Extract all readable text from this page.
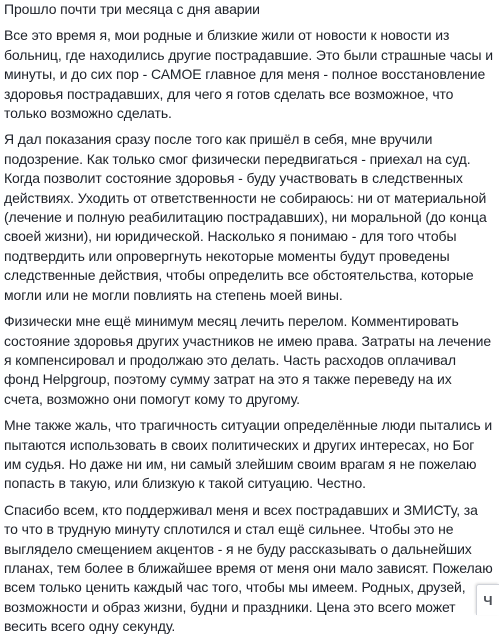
Прошло почти три месяца с дня аварии

Все это время я, мои родные и близкие жили от новости к новости из больниц, где находились другие пострадавшие. Это были страшные часы и минуты, и до сих пор - САМОЕ главное для меня - полное восстановление здоровья пострадавших, для чего я готов сделать все возможное, что только возможно сделать.

Я дал показания сразу после того как пришёл в себя, мне вручили подозрение. Как только смог физически передвигаться - приехал на суд. Когда позволит состояние здоровья - буду участвовать в следственных действиях. Уходить от ответственности не собираюсь: ни от материальной (лечение и полную реабилитацию пострадавших), ни моральной (до конца своей жизни), ни юридической. Насколько я понимаю - для того чтобы подтвердить или опровергнуть некоторые моменты будут проведены следственные действия, чтобы определить все обстоятельства, которые могли или не могли повлиять на степень моей вины.

Физически мне ещё минимум месяц лечить перелом. Комментировать состояние здоровья других участников не имею права. Затраты на лечение я компенсировал и продолжаю это делать. Часть расходов оплачивал фонд Helpgroup, поэтому сумму затрат на это я также переведу на их счета, возможно они помогут кому то другому.

Мне также жаль, что трагичность ситуации определённые люди пытались и пытаются использовать в своих политических и других интересах, но Бог им судья. Но даже ни им, ни самый злейшим своим врагам я не пожелаю попасть в такую, или близкую к такой ситуацию. Честно.

Спасибо всем, кто поддерживал меня и всех пострадавших и ЗМИСТу, за то что в трудную минуту сплотился и стал ещё сильнее. Чтобы это не выглядело смещением акцентов - я не буду рассказывать о дальнейших планах, тем более в ближайшее время от меня они мало зависят. Пожелаю всем только ценить каждый час того, чтобы мы имеем. Родных, друзей, возможности и образ жизни, будни и праздники. Цена это всего может весить всего одну секунду.

Ч
